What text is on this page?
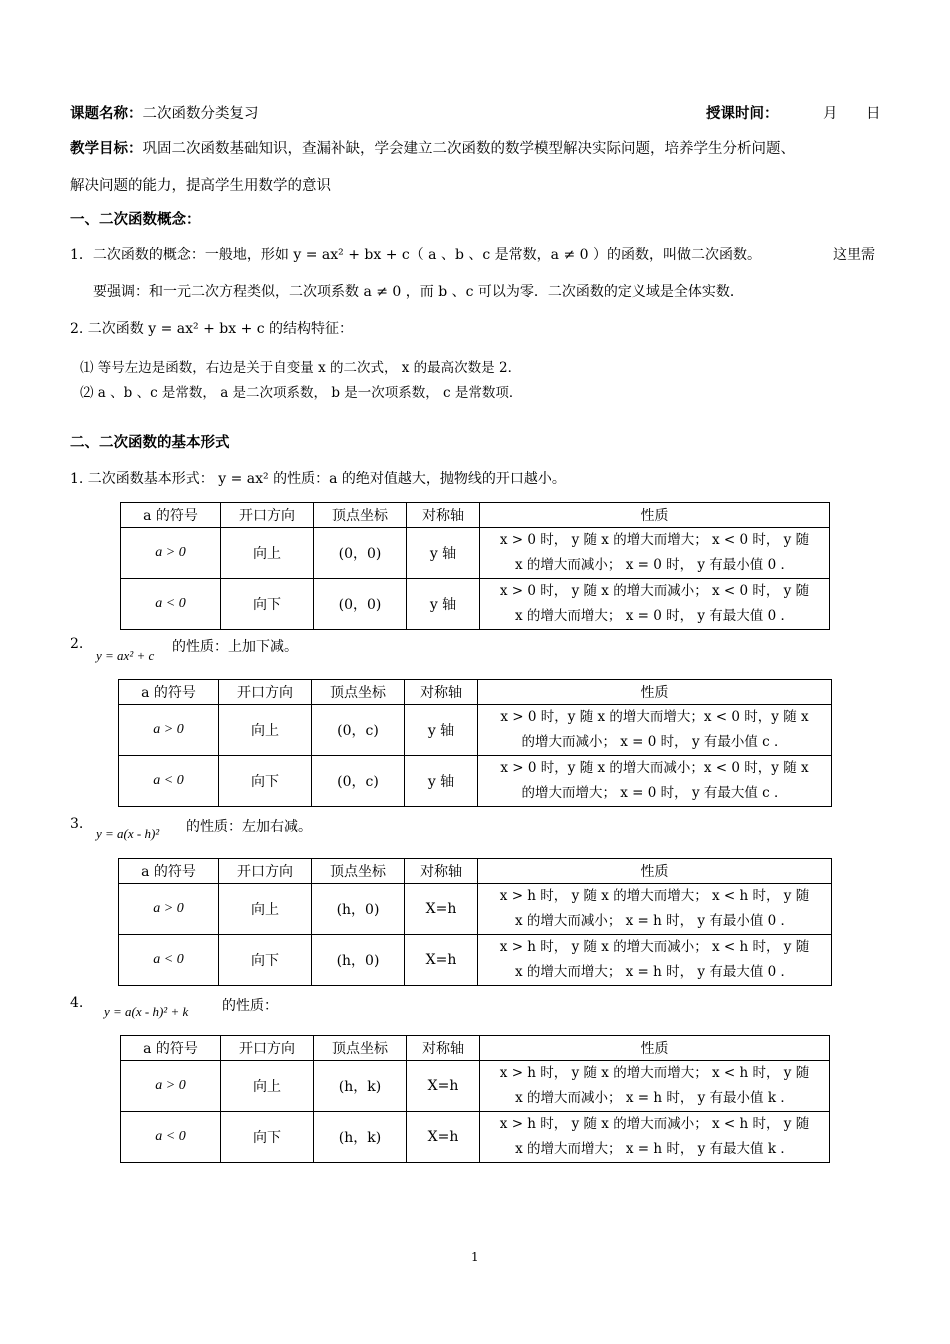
课题名称：二次函数分类复习	授课时间：	月 日
教学目标：巩固二次函数基础知识，查漏补缺，学会建立二次函数的数学模型解决实际问题，培养学生分析问题、
解决问题的能力，提高学生用数学的意识
一、二次函数概念：
1．二次函数的概念：一般地，形如 y = ax² + bx + c（ a 、b 、c 是常数，a ≠ 0 ）的函数，叫做二次函数。	这里需
要强调：和一元二次方程类似，二次项系数 a ≠ 0 ，而 b 、c 可以为零．二次函数的定义域是全体实数．
2. 二次函数 y = ax² + bx + c 的结构特征：
⑴ 等号左边是函数，右边是关于自变量 x 的二次式， x 的最高次数是 2．
⑵ a 、b 、c 是常数， a 是二次项系数， b 是一次项系数， c 是常数项．
二、二次函数的基本形式
1. 二次函数基本形式： y = ax² 的性质：a 的绝对值越大，抛物线的开口越小。
a 的符号	开口方向	顶点坐标	对称轴	性质
a > 0	向上	(0，0)	y 轴	x > 0 时， y 随 x 的增大而增大； x < 0 时， y 随
x 的增大而减小； x = 0 时， y 有最小值 0 ．

a < 0	向下	(0，0)	y 轴	x > 0 时， y 随 x 的增大而减小； x < 0 时， y 随
x 的增大而增大； x = 0 时， y 有最大值 0 ．
2.
y = ax² + c
的性质：上加下减。
a 的符号	开口方向	顶点坐标	对称轴	性质
a > 0	向上	(0，c)	y 轴	x > 0 时，y 随 x 的增大而增大；x < 0 时，y 随 x
的增大而减小； x = 0 时， y 有最小值 c ．

a < 0	向下	(0，c)	y 轴	x > 0 时，y 随 x 的增大而减小；x < 0 时，y 随 x
的增大而增大； x = 0 时， y 有最大值 c ．
3.
y = a(x - h)² 的性质：左加右减。
a 的符号	开口方向	顶点坐标	对称轴	性质
a > 0	向上	(h，0)	X=h	x > h 时， y 随 x 的增大而增大； x < h 时， y 随
x 的增大而减小； x = h 时， y 有最小值 0 ．

a < 0	向下	(h，0)	X=h	x > h 时， y 随 x 的增大而减小； x < h 时， y 随
x 的增大而增大； x = h 时， y 有最大值 0 ．
4.
y = a(x - h)² + k 的性质：
a 的符号	开口方向	顶点坐标	对称轴	性质
a > 0	向上	(h，k)	X=h	x > h 时， y 随 x 的增大而增大； x < h 时， y 随
x 的增大而减小； x = h 时， y 有最小值 k ．

a < 0	向下	(h，k)	X=h	x > h 时， y 随 x 的增大而减小； x < h 时， y 随
x 的增大而增大； x = h 时， y 有最大值 k ．
1
